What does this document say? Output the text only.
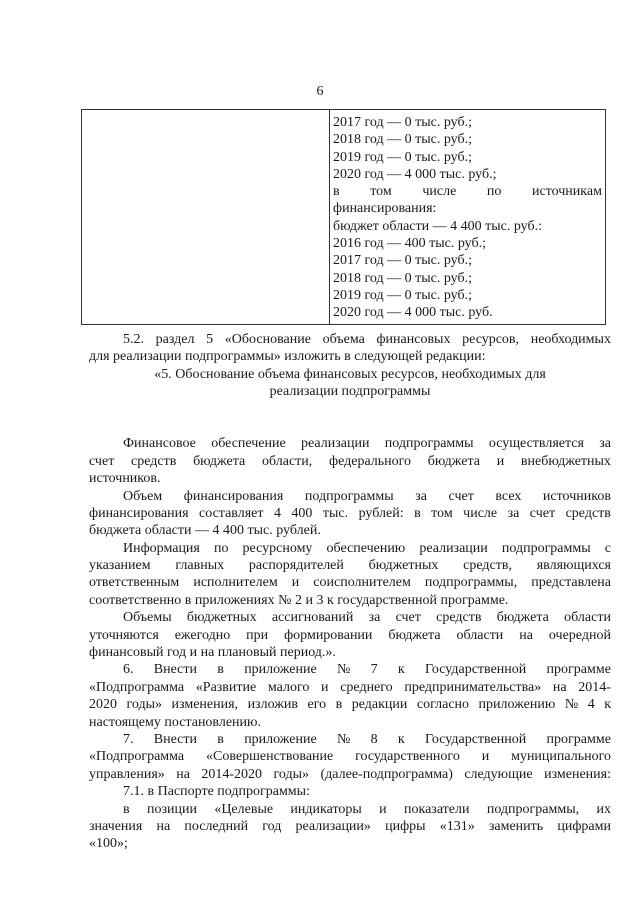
6
2017 год — 0 тыс. руб.;
2018 год — 0 тыс. руб.;
2019 год — 0 тыс. руб.;
2020 год — 4 000 тыс. руб.;
в том числе по источникам
финансирования:
бюджет области — 4 400 тыс. руб.:
2016 год — 400 тыс. руб.;
2017 год — 0 тыс. руб.;
2018 год — 0 тыс. руб.;
2019 год — 0 тыс. руб.;
2020 год — 4 000 тыс. руб.
5.2. раздел 5 «Обоснование объема финансовых ресурсов, необходимых
для реализации подпрограммы» изложить в следующей редакции:
«5. Обоснование объема финансовых ресурсов, необходимых для
реализации подпрограммы
Финансовое обеспечение реализации подпрограммы осуществляется за
счет средств бюджета области, федерального бюджета и внебюджетных
источников.
Объем финансирования подпрограммы за счет всех источников
финансирования составляет 4 400 тыс. рублей: в том числе за счет средств
бюджета области — 4 400 тыс. рублей.
Информация по ресурсному обеспечению реализации подпрограммы с
указанием главных распорядителей бюджетных средств, являющихся
ответственным исполнителем и соисполнителем подпрограммы, представлена
соответственно в приложениях № 2 и 3 к государственной программе.
Объемы бюджетных ассигнований за счет средств бюджета области
уточняются ежегодно при формировании бюджета области на очередной
финансовый год и на плановый период.».
6. Внести в приложение № 7 к Государственной программе
«Подпрограмма «Развитие малого и среднего предпринимательства» на 2014-
2020 годы» изменения, изложив его в редакции согласно приложению № 4 к
настоящему постановлению.
7. Внести в приложение № 8 к Государственной программе
«Подпрограмма «Совершенствование государственного и муниципального
управления» на 2014-2020 годы» (далее-подпрограмма) следующие изменения:
7.1. в Паспорте подпрограммы:
в позиции «Целевые индикаторы и показатели подпрограммы, их
значения на последний год реализации» цифры «131» заменить цифрами
«100»;
